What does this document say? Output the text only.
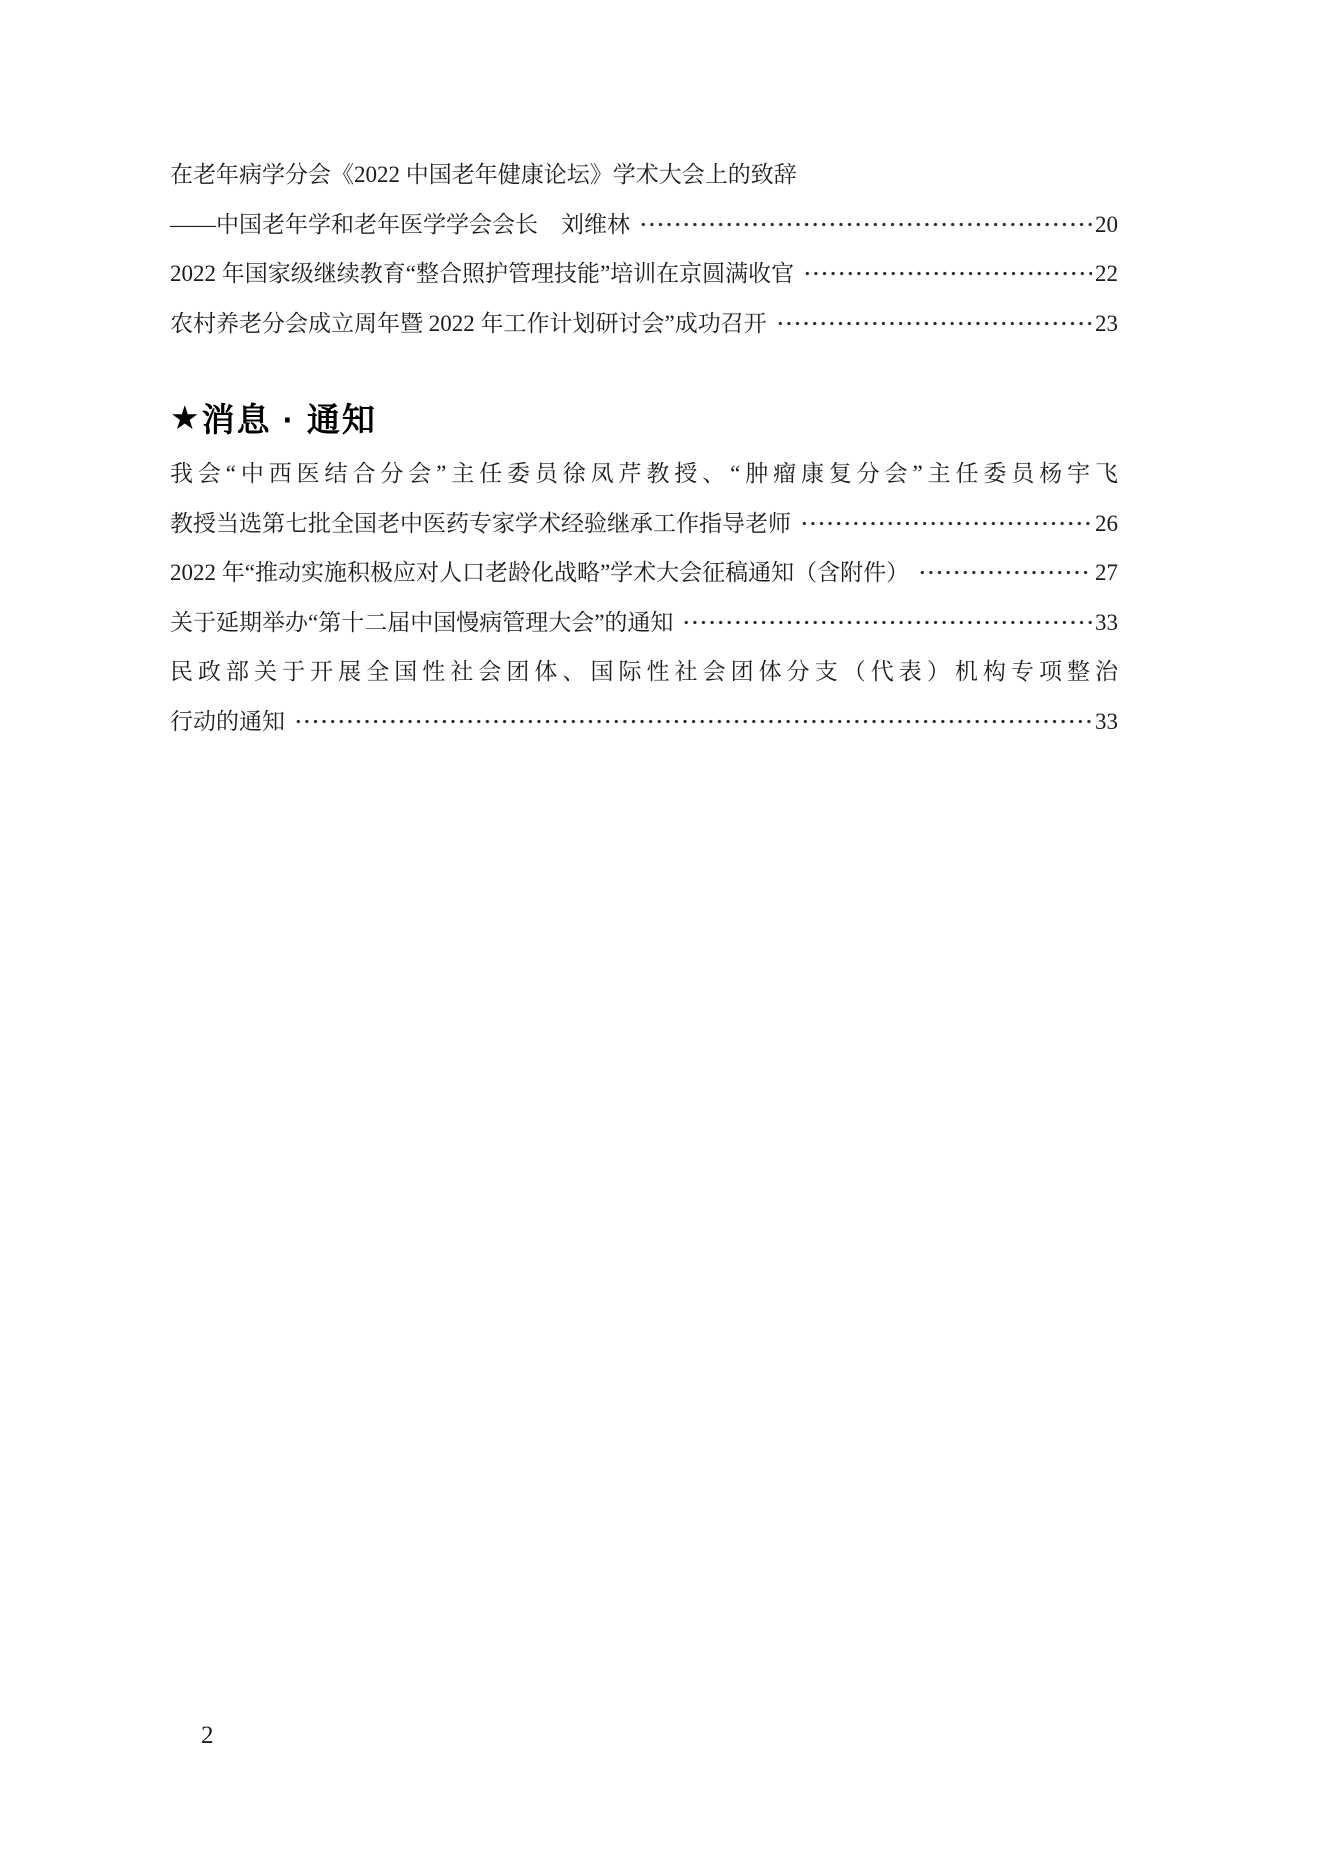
在老年病学分会《2022 中国老年健康论坛》学术大会上的致辞
——中国老年学和老年医学学会会长　刘维林	20
2022 年国家级继续教育“整合照护管理技能”培训在京圆满收官	22
农村养老分会成立周年暨 2022 年工作计划研讨会”成功召开	23
★ 消息 · 通知
我会“中西医结合分会”主任委员徐凤芹教授、“肿瘤康复分会”主任委员杨宇飞
教授当选第七批全国老中医药专家学术经验继承工作指导老师	26
2022 年“推动实施积极应对人口老龄化战略”学术大会征稿通知（含附件）	27
关于延期举办“第十二届中国慢病管理大会”的通知	33
民政部关于开展全国性社会团体、国际性社会团体分支（代表）机构专项整治
行动的通知	33
2
